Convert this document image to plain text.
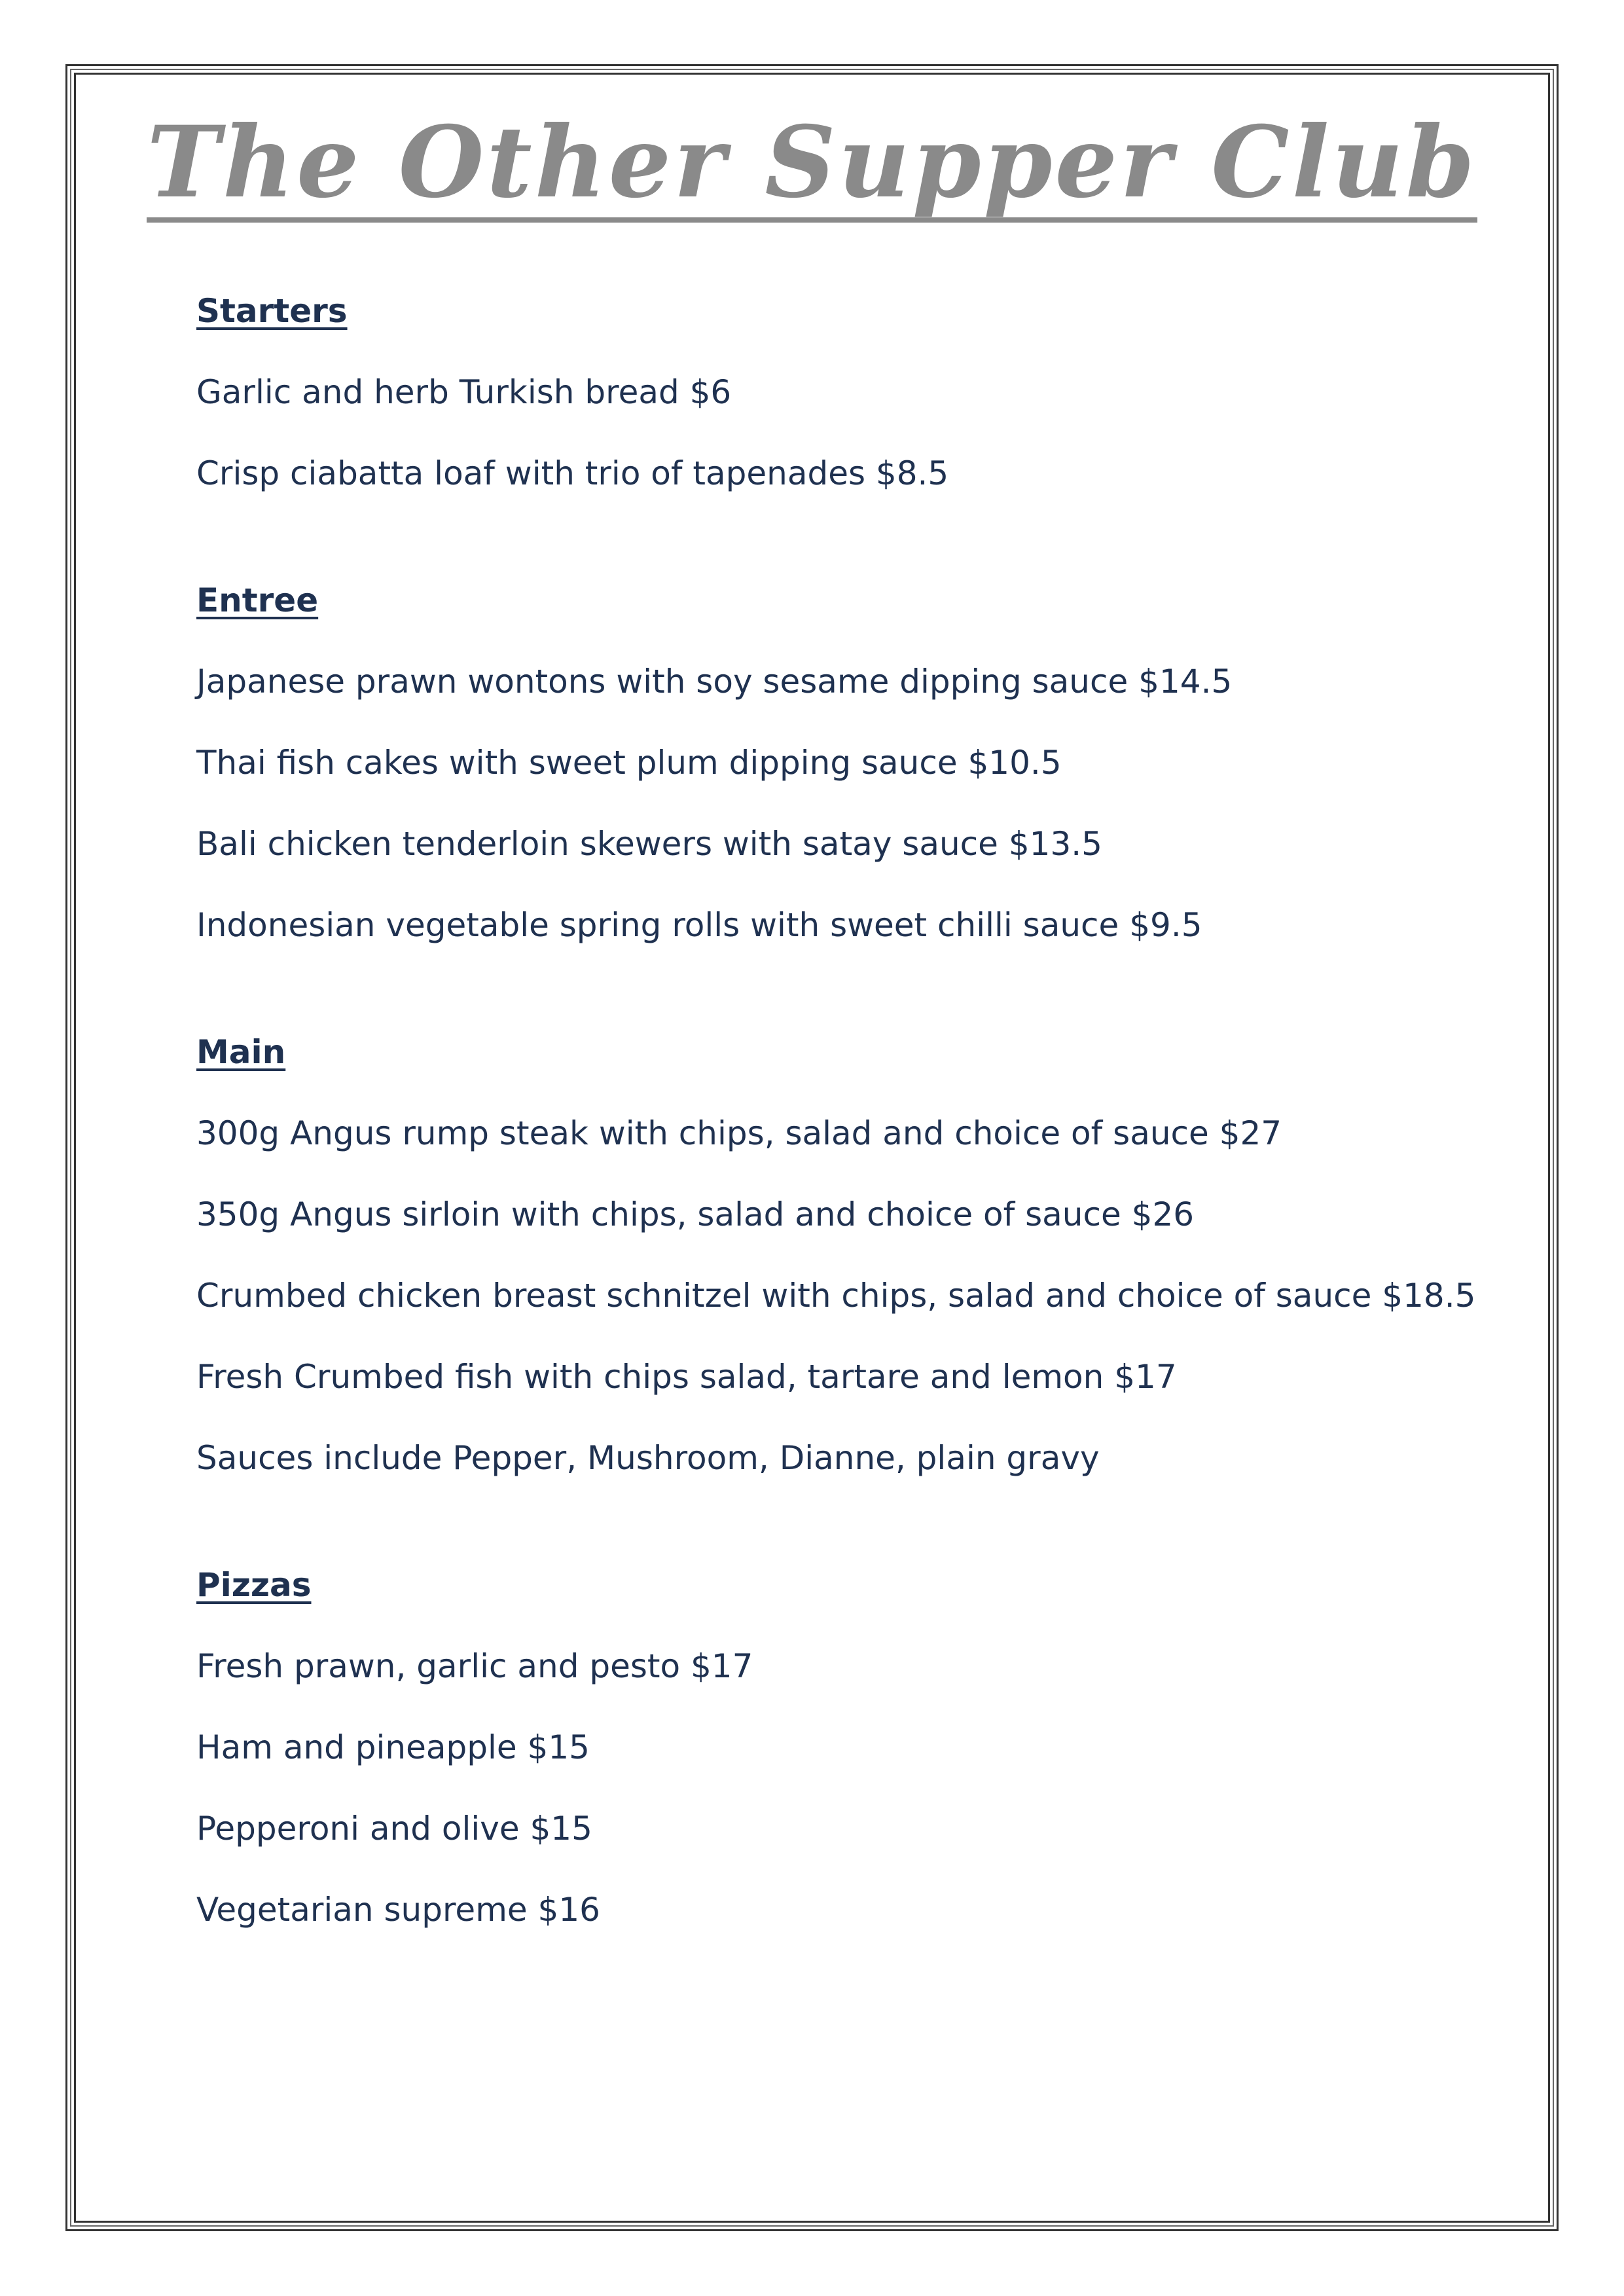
The Other Supper Club
Starters
Garlic and herb Turkish bread $6
Crisp ciabatta loaf with trio of tapenades $8.5
Entree
Japanese prawn wontons with soy sesame dipping sauce $14.5
Thai fish cakes with sweet plum dipping sauce $10.5
Bali chicken tenderloin skewers with satay sauce $13.5
Indonesian vegetable spring rolls with sweet chilli sauce $9.5
Main
300g Angus rump steak with chips, salad and choice of sauce $27
350g Angus sirloin with chips, salad and choice of sauce $26
Crumbed chicken breast schnitzel with chips, salad and choice of sauce $18.5
Fresh Crumbed fish with chips salad, tartare and lemon $17
Sauces include Pepper, Mushroom, Dianne, plain gravy
Pizzas
Fresh prawn, garlic and pesto $17
Ham and pineapple $15
Pepperoni and olive $15
Vegetarian supreme $16
